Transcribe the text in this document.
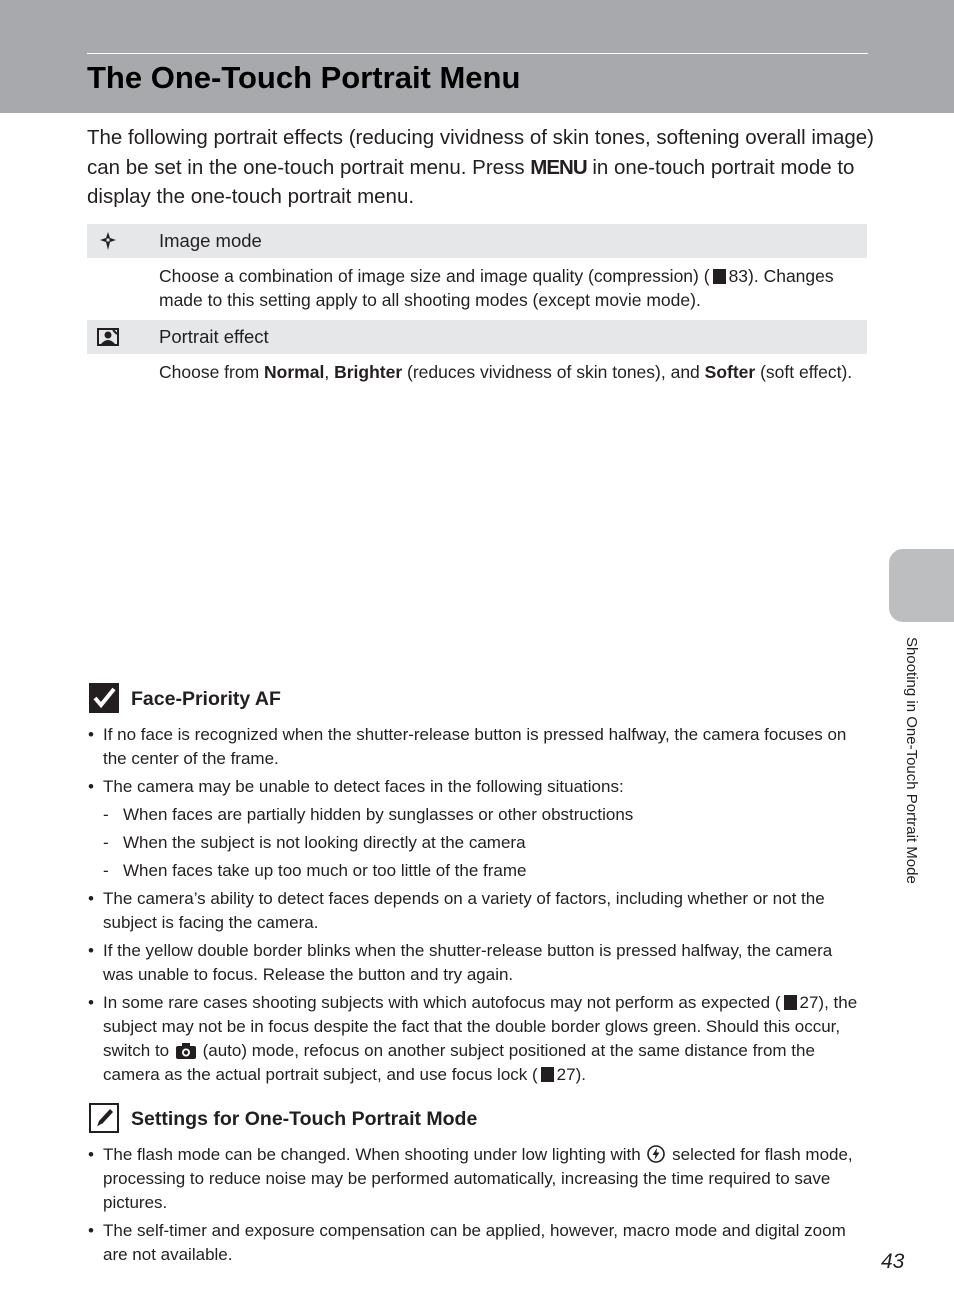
The One-Touch Portrait Menu

The following portrait effects (reducing vividness of skin tones, softening overall image) can be set in the one-touch portrait menu. Press MENU in one-touch portrait mode to display the one-touch portrait menu.

Image mode
Choose a combination of image size and image quality (compression) ( 83). Changes made to this setting apply to all shooting modes (except movie mode).
Portrait effect
Choose from Normal, Brighter (reduces vividness of skin tones), and Softer (soft effect).
Shooting in One-Touch Portrait Mode
Face-Priority AF
• If no face is recognized when the shutter-release button is pressed halfway, the camera focuses on the center of the frame.
• The camera may be unable to detect faces in the following situations:
- When faces are partially hidden by sunglasses or other obstructions
- When the subject is not looking directly at the camera
- When faces take up too much or too little of the frame
• The camera’s ability to detect faces depends on a variety of factors, including whether or not the subject is facing the camera.
• If the yellow double border blinks when the shutter-release button is pressed halfway, the camera was unable to focus. Release the button and try again.
• In some rare cases shooting subjects with which autofocus may not perform as expected ( 27), the subject may not be in focus despite the fact that the double border glows green. Should this occur, switch to  (auto) mode, refocus on another subject positioned at the same distance from the camera as the actual portrait subject, and use focus lock ( 27).
Settings for One-Touch Portrait Mode
• The flash mode can be changed. When shooting under low lighting with  selected for flash mode, processing to reduce noise may be performed automatically, increasing the time required to save pictures.
• The self-timer and exposure compensation can be applied, however, macro mode and digital zoom are not available.	43
